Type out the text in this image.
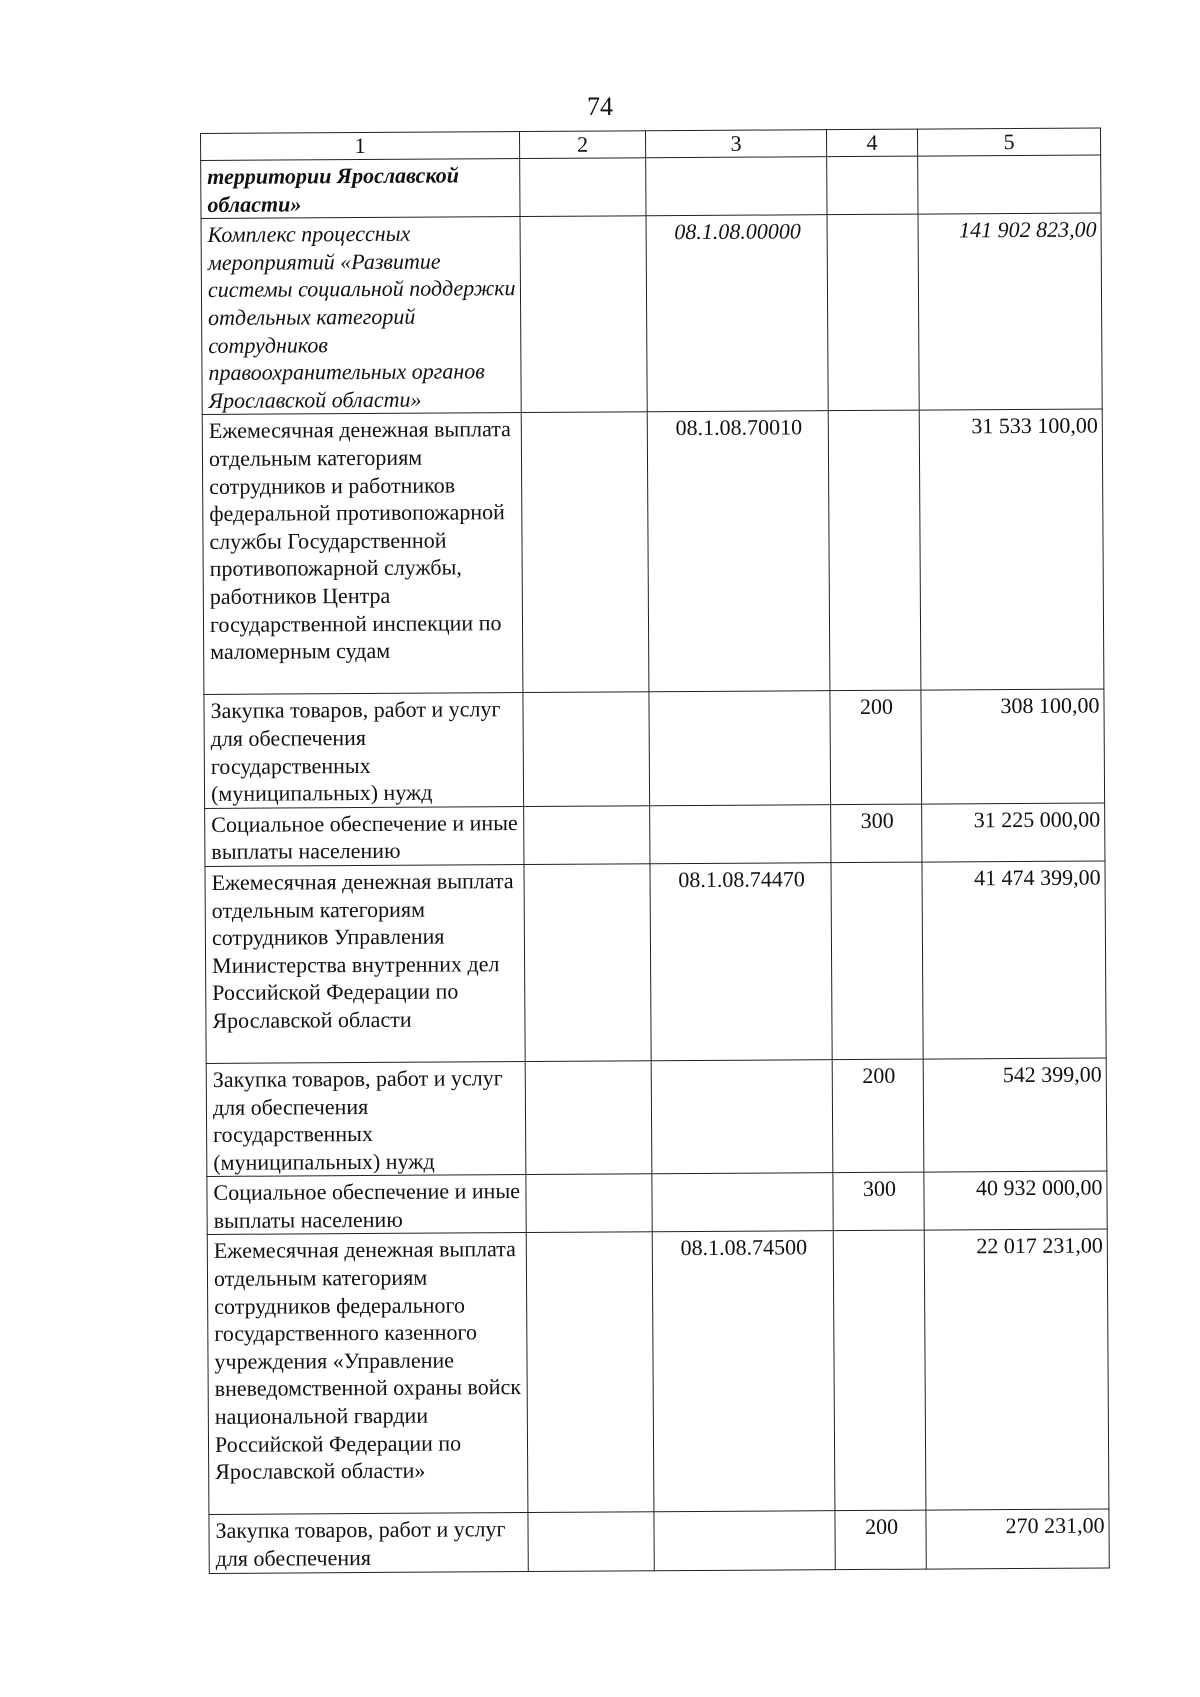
74
1	2	3	4	5
территории Ярославской области»				
Комплекс процессных мероприятий «Развитие системы социальной поддержки отдельных категорий сотрудников правоохранительных органов Ярославской области»		08.1.08.00000		141 902 823,00
Ежемесячная денежная выплата отдельным категориям сотрудников и работников федеральной противопожарной службы Государственной противопожарной службы, работников Центра государственной инспекции по маломерным судам		08.1.08.70010		31 533 100,00
Закупка товаров, работ и услуг для обеспечения государственных (муниципальных) нужд			200	308 100,00
Социальное обеспечение и иные выплаты населению			300	31 225 000,00
Ежемесячная денежная выплата отдельным категориям сотрудников Управления Министерства внутренних дел Российской Федерации по Ярославской области		08.1.08.74470		41 474 399,00
Закупка товаров, работ и услуг для обеспечения государственных (муниципальных) нужд			200	542 399,00
Социальное обеспечение и иные выплаты населению			300	40 932 000,00
Ежемесячная денежная выплата отдельным категориям сотрудников федерального государственного казенного учреждения «Управление вневедомственной охраны войск национальной гвардии Российской Федерации по Ярославской области»		08.1.08.74500		22 017 231,00
Закупка товаров, работ и услуг для обеспечения			200	270 231,00
